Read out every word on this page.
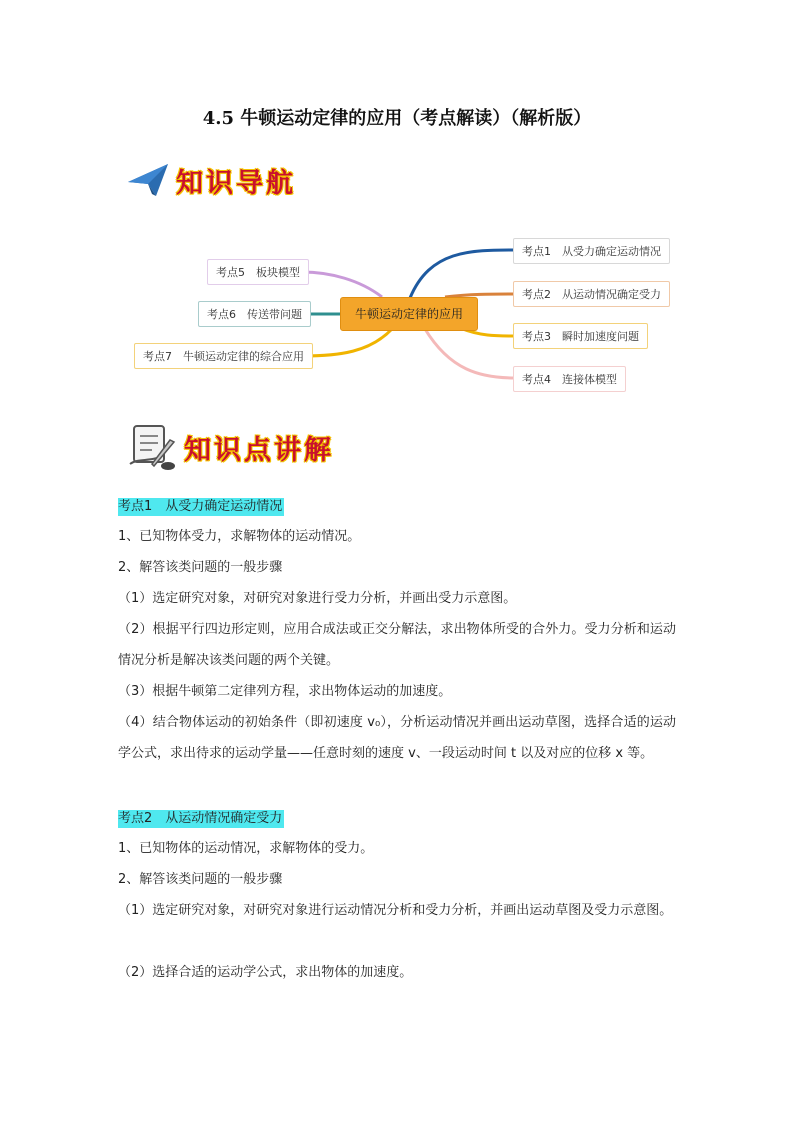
4.5 牛顿运动定律的应用（考点解读）（解析版）
知识导航
牛顿运动定律的应用
考点1　从受力确定运动情况
考点2　从运动情况确定受力
考点3　瞬时加速度问题
考点4　连接体模型
考点5　板块模型
考点6　传送带问题
考点7　牛顿运动定律的综合应用
知识点讲解
考点1　从受力确定运动情况
1、已知物体受力，求解物体的运动情况。
2、解答该类问题的一般步骤
（1）选定研究对象，对研究对象进行受力分析，并画出受力示意图。
（2）根据平行四边形定则，应用合成法或正交分解法，求出物体所受的合外力。受力分析和运动情况分析是解决该类问题的两个关键。
（3）根据牛顿第二定律列方程，求出物体运动的加速度。
（4）结合物体运动的初始条件（即初速度 v₀），分析运动情况并画出运动草图，选择合适的运动学公式，求出待求的运动学量——任意时刻的速度 v、一段运动时间 t 以及对应的位移 x 等。
考点2　从运动情况确定受力
1、已知物体的运动情况，求解物体的受力。
2、解答该类问题的一般步骤
（1）选定研究对象，对研究对象进行运动情况分析和受力分析，并画出运动草图及受力示意图。
（2）选择合适的运动学公式，求出物体的加速度。
